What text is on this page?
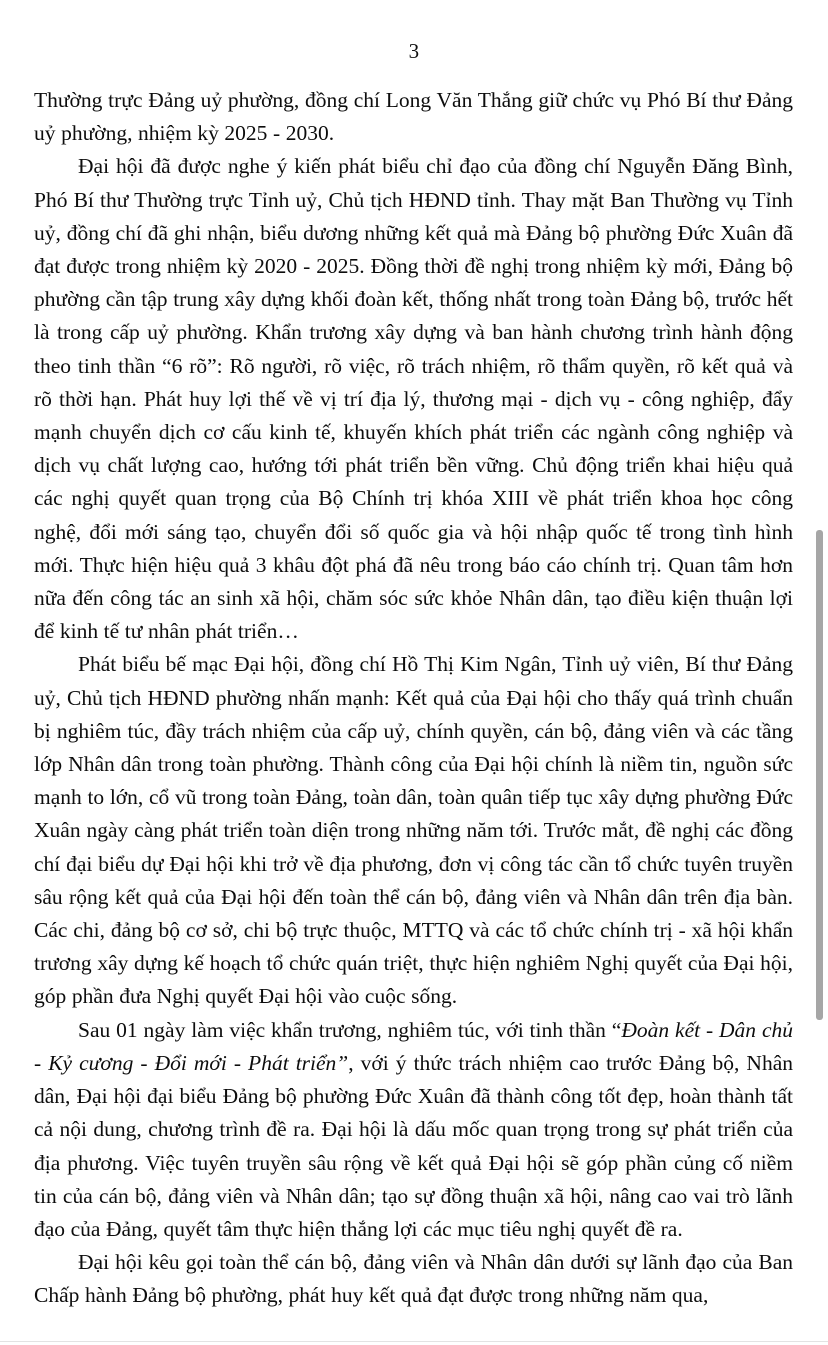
3

Thường trực Đảng uỷ phường, đồng chí Long Văn Thắng giữ chức vụ Phó Bí thư Đảng uỷ phường, nhiệm kỳ 2025 - 2030.

Đại hội đã được nghe ý kiến phát biểu chỉ đạo của đồng chí Nguyễn Đăng Bình, Phó Bí thư Thường trực Tỉnh uỷ, Chủ tịch HĐND tỉnh. Thay mặt Ban Thường vụ Tỉnh uỷ, đồng chí đã ghi nhận, biểu dương những kết quả mà Đảng bộ phường Đức Xuân đã đạt được trong nhiệm kỳ 2020 - 2025. Đồng thời đề nghị trong nhiệm kỳ mới, Đảng bộ phường cần tập trung xây dựng khối đoàn kết, thống nhất trong toàn Đảng bộ, trước hết là trong cấp uỷ phường. Khẩn trương xây dựng và ban hành chương trình hành động theo tinh thần “6 rõ”: Rõ người, rõ việc, rõ trách nhiệm, rõ thẩm quyền, rõ kết quả và rõ thời hạn. Phát huy lợi thế về vị trí địa lý, thương mại - dịch vụ - công nghiệp, đẩy mạnh chuyển dịch cơ cấu kinh tế, khuyến khích phát triển các ngành công nghiệp và dịch vụ chất lượng cao, hướng tới phát triển bền vững. Chủ động triển khai hiệu quả các nghị quyết quan trọng của Bộ Chính trị khóa XIII về phát triển khoa học công nghệ, đổi mới sáng tạo, chuyển đổi số quốc gia và hội nhập quốc tế trong tình hình mới. Thực hiện hiệu quả 3 khâu đột phá đã nêu trong báo cáo chính trị. Quan tâm hơn nữa đến công tác an sinh xã hội, chăm sóc sức khỏe Nhân dân, tạo điều kiện thuận lợi để kinh tế tư nhân phát triển…

Phát biểu bế mạc Đại hội, đồng chí Hồ Thị Kim Ngân, Tỉnh uỷ viên, Bí thư Đảng uỷ, Chủ tịch HĐND phường nhấn mạnh: Kết quả của Đại hội cho thấy quá trình chuẩn bị nghiêm túc, đầy trách nhiệm của cấp uỷ, chính quyền, cán bộ, đảng viên và các tầng lớp Nhân dân trong toàn phường. Thành công của Đại hội chính là niềm tin, nguồn sức mạnh to lớn, cổ vũ trong toàn Đảng, toàn dân, toàn quân tiếp tục xây dựng phường Đức Xuân ngày càng phát triển toàn diện trong những năm tới. Trước mắt, đề nghị các đồng chí đại biểu dự Đại hội khi trở về địa phương, đơn vị công tác cần tổ chức tuyên truyền sâu rộng kết quả của Đại hội đến toàn thể cán bộ, đảng viên và Nhân dân trên địa bàn. Các chi, đảng bộ cơ sở, chi bộ trực thuộc, MTTQ và các tổ chức chính trị - xã hội khẩn trương xây dựng kế hoạch tổ chức quán triệt, thực hiện nghiêm Nghị quyết của Đại hội, góp phần đưa Nghị quyết Đại hội vào cuộc sống.

Sau 01 ngày làm việc khẩn trương, nghiêm túc, với tinh thần “Đoàn kết - Dân chủ - Kỷ cương - Đổi mới - Phát triển”, với ý thức trách nhiệm cao trước Đảng bộ, Nhân dân, Đại hội đại biểu Đảng bộ phường Đức Xuân đã thành công tốt đẹp, hoàn thành tất cả nội dung, chương trình đề ra. Đại hội là dấu mốc quan trọng trong sự phát triển của địa phương. Việc tuyên truyền sâu rộng về kết quả Đại hội sẽ góp phần củng cố niềm tin của cán bộ, đảng viên và Nhân dân; tạo sự đồng thuận xã hội, nâng cao vai trò lãnh đạo của Đảng, quyết tâm thực hiện thắng lợi các mục tiêu nghị quyết đề ra.

Đại hội kêu gọi toàn thể cán bộ, đảng viên và Nhân dân dưới sự lãnh đạo của Ban Chấp hành Đảng bộ phường, phát huy kết quả đạt được trong những năm qua,
